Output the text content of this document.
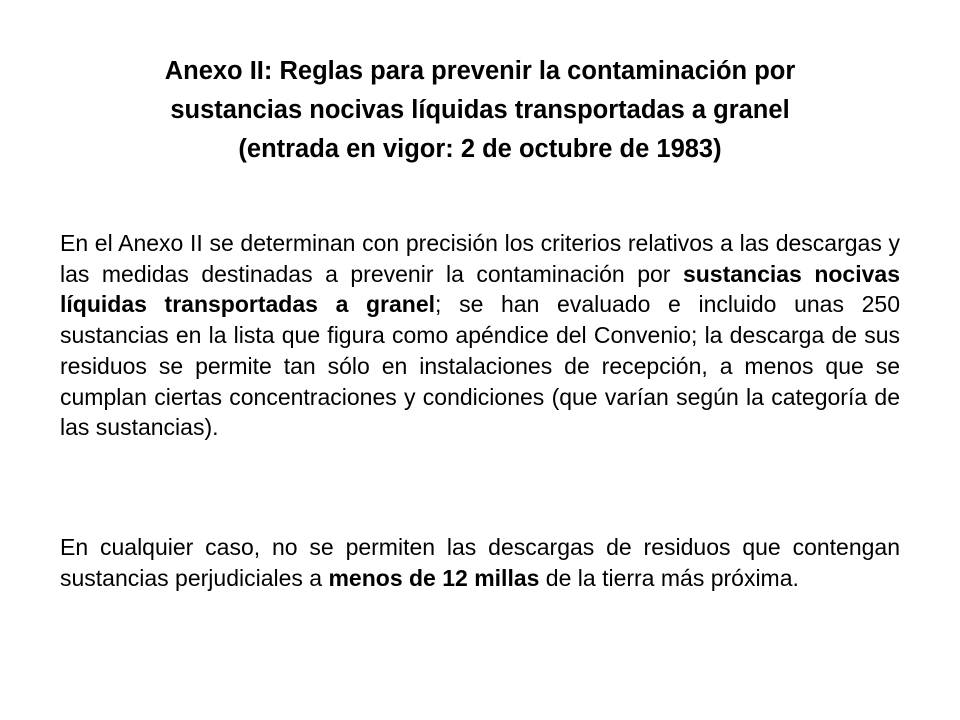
Anexo II: Reglas para prevenir la contaminación por
sustancias nocivas líquidas transportadas a granel
(entrada en vigor: 2 de octubre de 1983)

En el Anexo II se determinan con precisión los criterios relativos a las descargas y las medidas destinadas a prevenir la contaminación por sustancias nocivas líquidas transportadas a granel; se han evaluado e incluido unas 250 sustancias en la lista que figura como apéndice del Convenio; la descarga de sus residuos se permite tan sólo en instalaciones de recepción, a menos que se cumplan ciertas concentraciones y condiciones (que varían según la categoría de las sustancias).

En cualquier caso, no se permiten las descargas de residuos que contengan sustancias perjudiciales a menos de 12 millas de la tierra más próxima.
